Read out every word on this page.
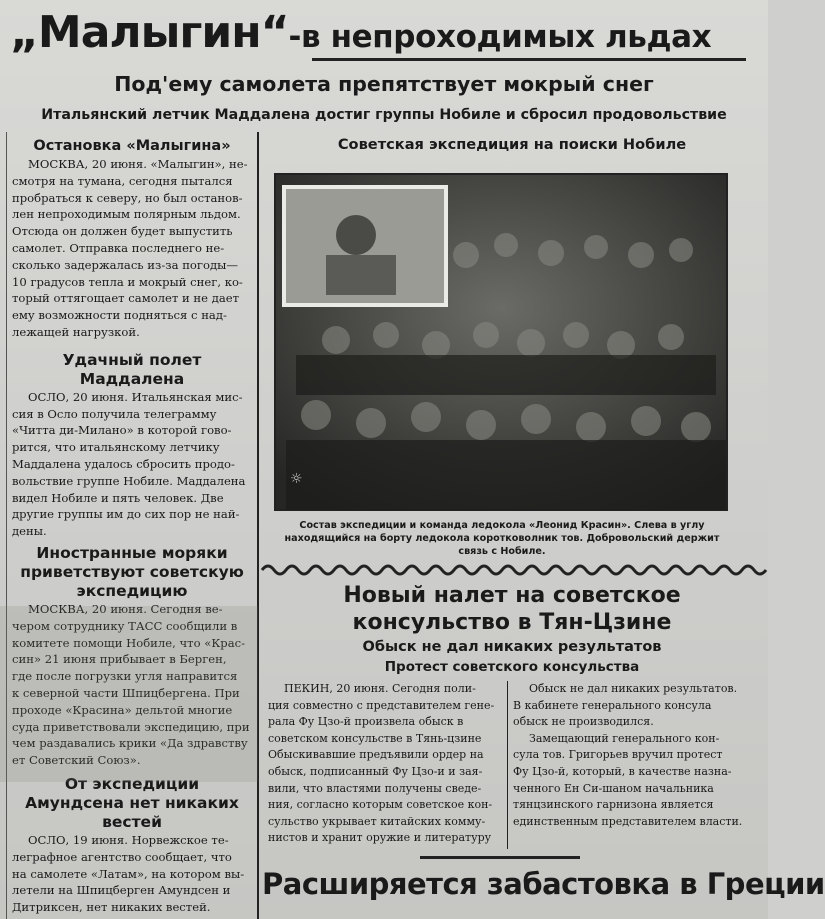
„Малыгин“-в непроходимых льдах
Под'ему самолета препятствует мокрый снег
Итальянский летчик Маддалена достиг группы Нобиле и сбросил продовольствие
Остановка «Малыгина»
МОСКВА, 20 июня. «Малыгин», не-
смотря на тумана, сегодня пытался
пробраться к северу, но был останов-
лен непроходимым полярным льдом.
Отсюда он должен будет выпустить
самолет. Отправка последнего не-
сколько задержалась из-за погоды—
10 градусов тепла и мокрый снег, ко-
торый оттягощает самолет и не дает
ему возможности подняться с над-
лежащей нагрузкой.
Удачный полет Маддалена
ОСЛО, 20 июня. Итальянская мис-
сия в Осло получила телеграмму
«Читта ди-Милано» в которой гово-
рится, что итальянскому летчику
Маддалена удалось сбросить продо-
вольствие группе Нобиле. Маддалена
видел Нобиле и пять человек. Две
другие группы им до сих пор не най-
дены.
Иностранные моряки приветствуют советскую экспедицию
МОСКВА, 20 июня. Сегодня ве-
чером сотруднику ТАСС сообщили в
комитете помощи Нобиле, что «Крас-
син» 21 июня прибывает в Берген,
где после погрузки угля направится
к северной части Шпицбергена. При
проходе «Красина» дельтой многие
суда приветствовали экспедицию, при
чем раздавались крики «Да здравству
ет Советский Союз».
От экспедиции Амундсена нет никаких вестей
ОСЛО, 19 июня. Норвежское те-
леграфное агентство сообщает, что
на самолете «Латам», на котором вы-
летели на Шпицберген Амундсен и
Дитриксен, нет никаких вестей.
Советская экспедиция на поиски Нобиле
☼
Состав экспедиции и команда ледокола «Леонид Красин». Слева в углу находящийся на борту ледокола коротковолник тов. Добровольский держит связь с Нобиле.
Новый налет на советское консульство в Тян-Цзине
Обыск не дал никаких результатов
Протест советского консульства
ПЕКИН, 20 июня. Сегодня поли-
ция совместно с представителем гене-
рала Фу Цзо-й произвела обыск в
советском консульстве в Тянь-цзине
Обыскивавшие предъявили ордер на
обыск, подписанный Фу Цзо-и и зая-
вили, что властями получены сведе-
ния, согласно которым советское кон-
сульство укрывает китайских комму-
нистов и хранит оружие и литературу
Обыск не дал никаких результатов.
В кабинете генерального консула
обыск не производился.
Замещающий генерального кон-
сула тов. Григорьев вручил протест
Фу Цзо-й, который, в качестве назна-
ченного Ен Си-шаном начальника
тянцзинского гарнизона является
единственным представителем власти.
Расширяется забастовка в Греции
